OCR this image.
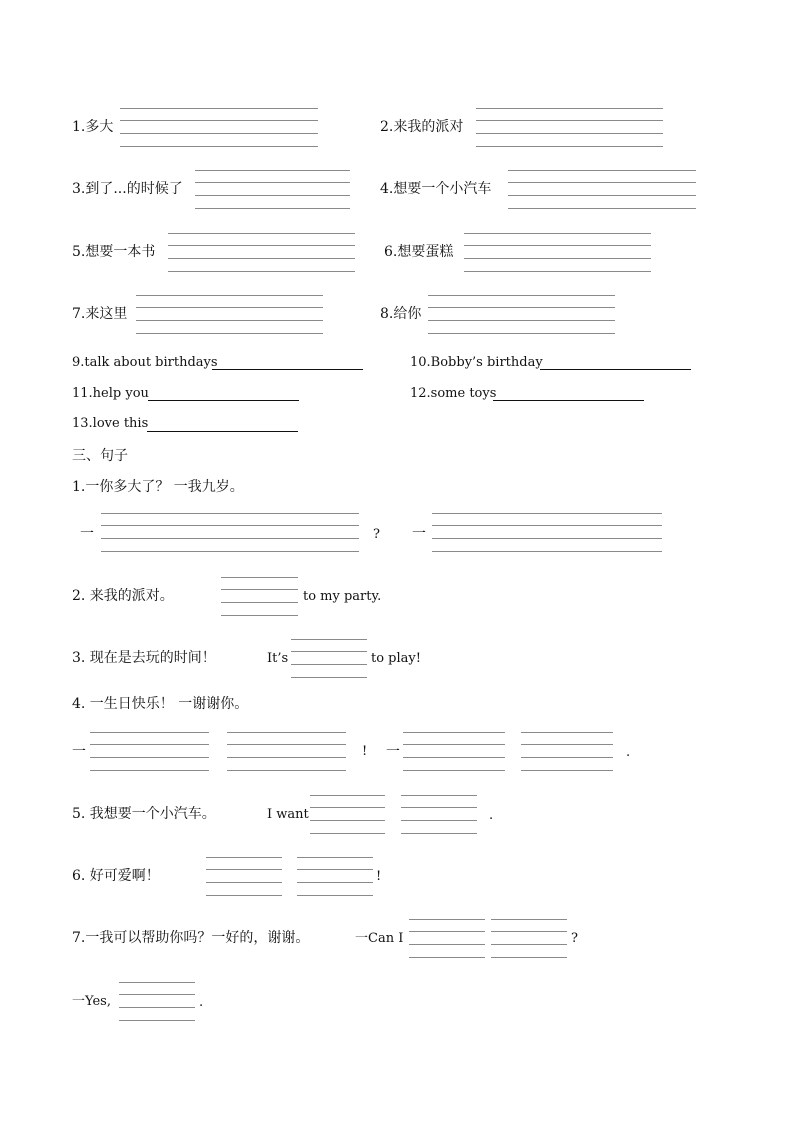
1.多大	2.来我的派对
3.到了...的时候了	4.想要一个小汽车
5.想要一本书	6.想要蛋糕
7.来这里	8.给你
9.talk about birthdays	10.Bobby’s birthday
11.help you	12.some toys
13.love this
三、句子
1.一你多大了？ 一我九岁。
一	? 一
2. 来我的派对。	to my party.
3. 现在是去玩的时间！	It’s	to play!
4. 一生日快乐！ 一谢谢你。
一	! 一	.
5. 我想要一个小汽车。	I want	.
6. 好可爱啊！	!
7.一我可以帮助你吗？一好的，谢谢。	一Can I	?
一Yes,	.
